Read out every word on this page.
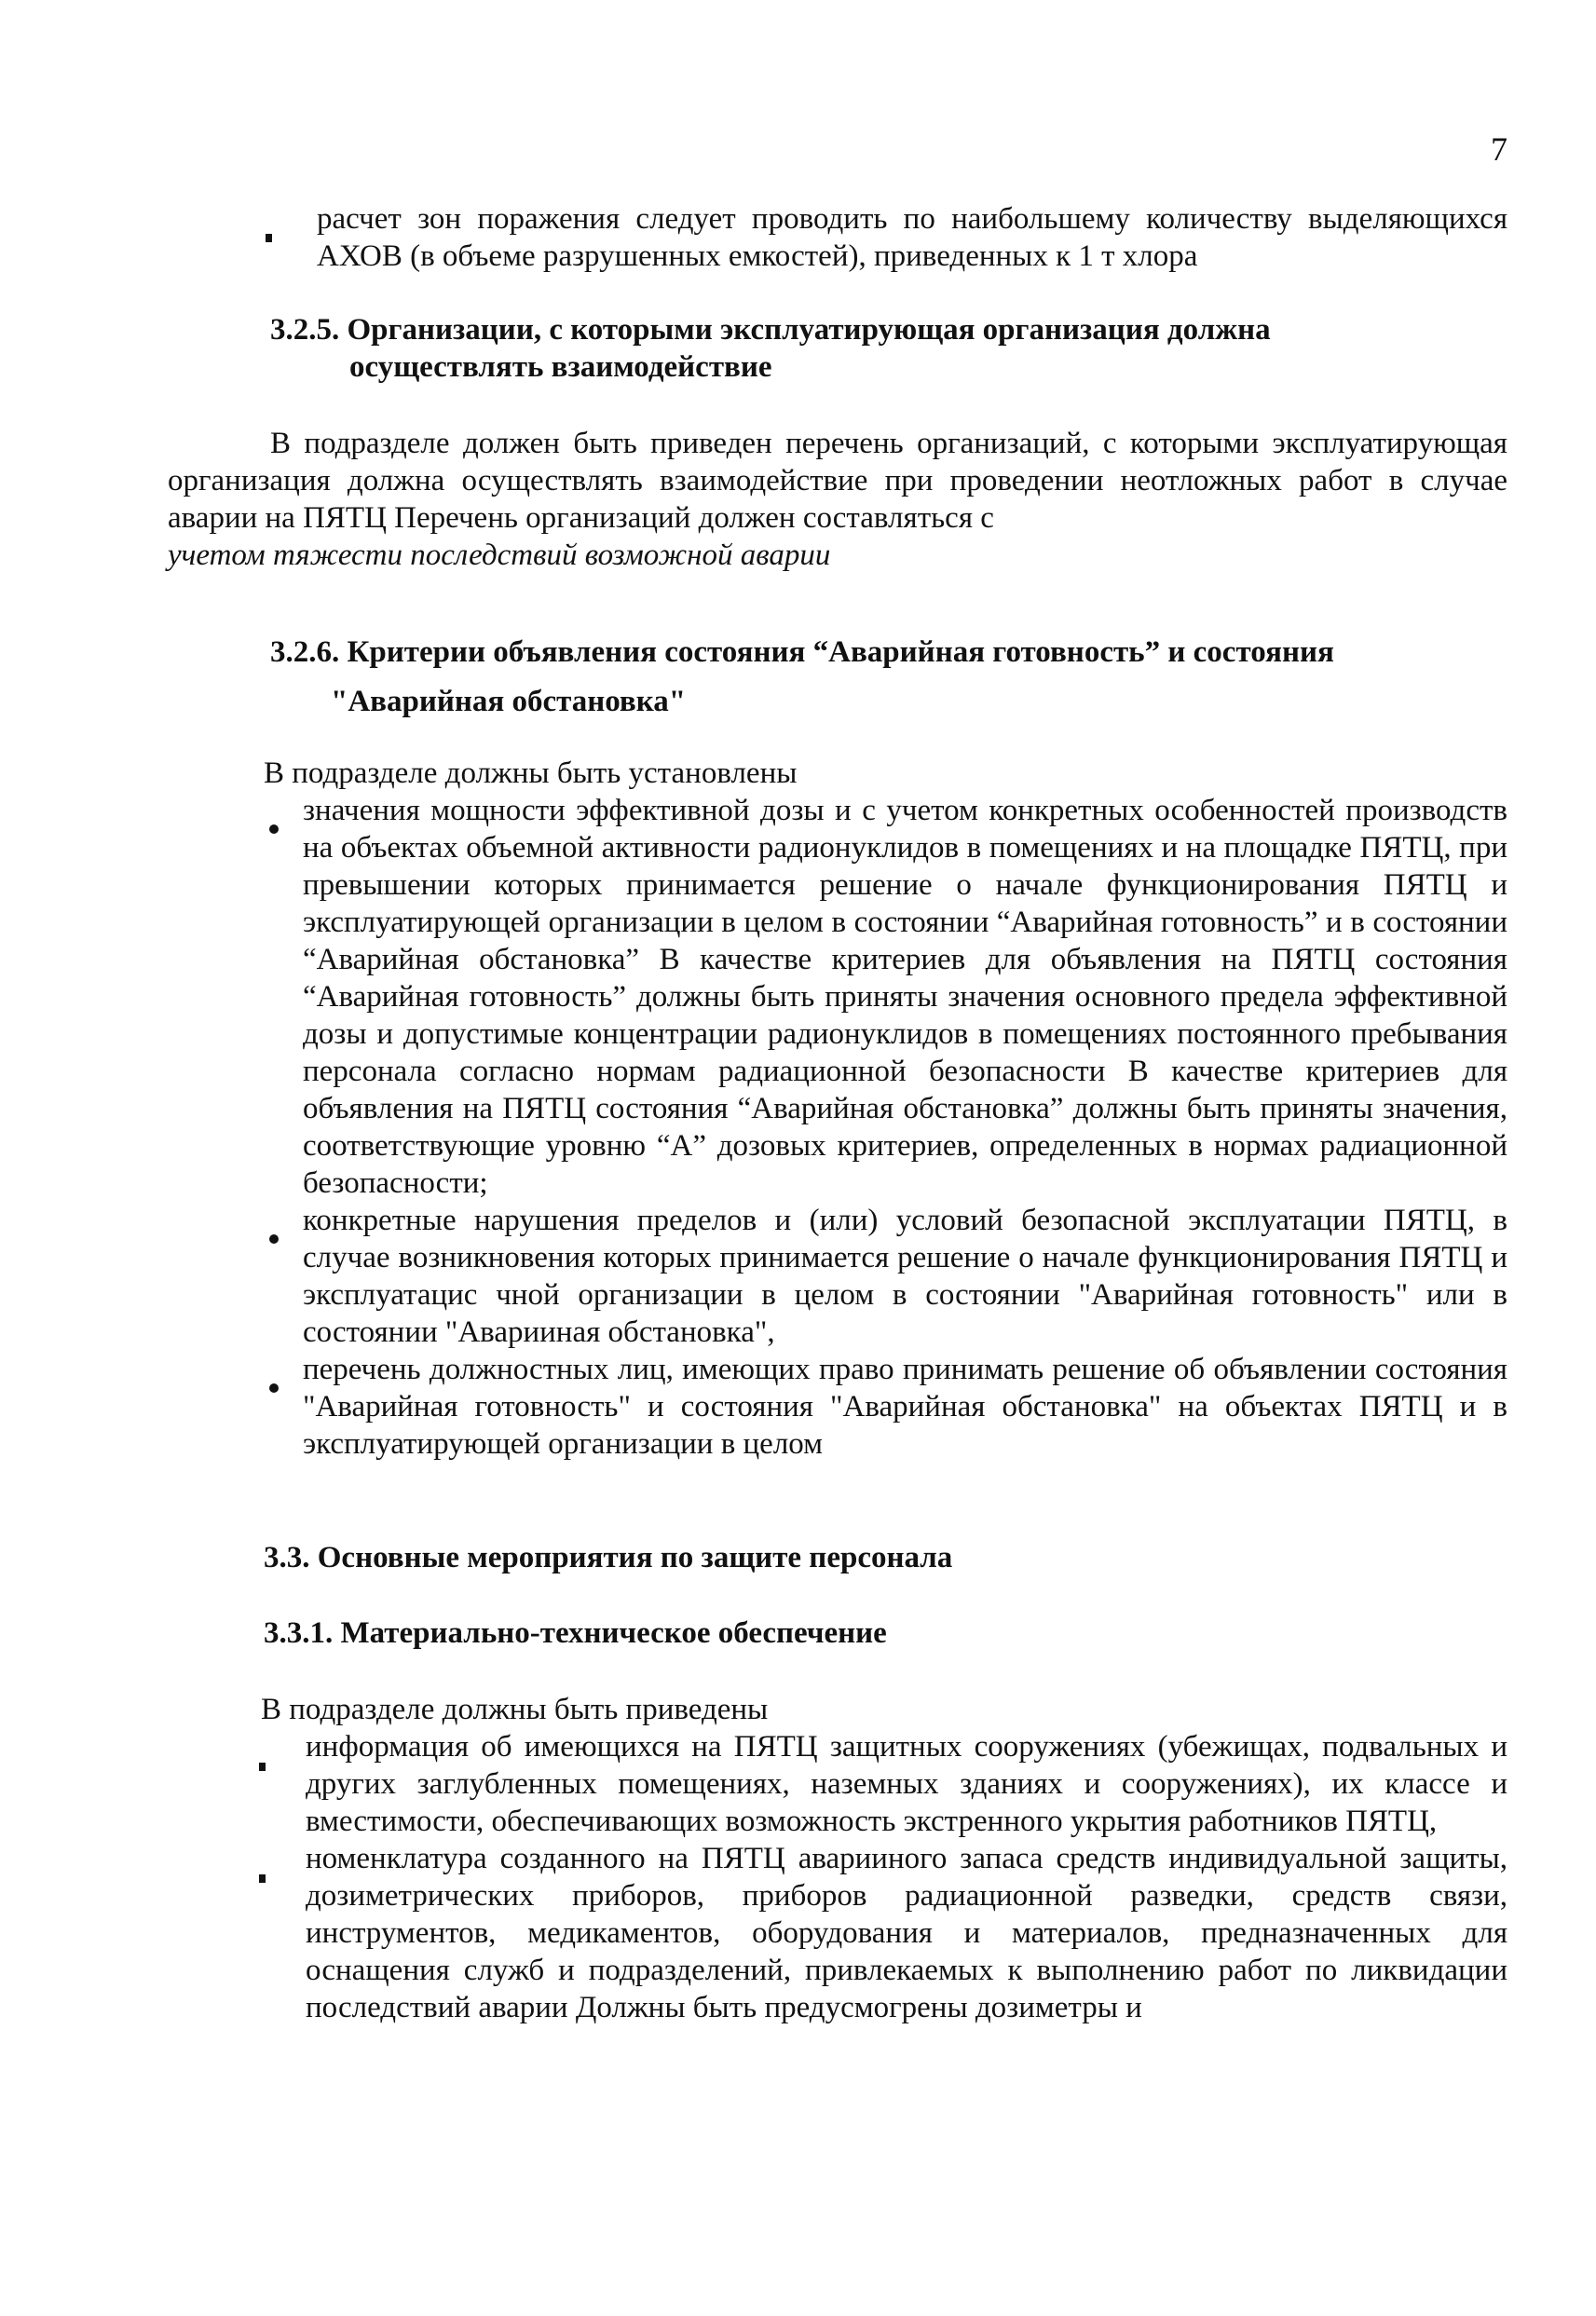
7
расчет зон поражения следует проводить по наибольшему количеству выделяющихся АХОВ (в объеме разрушенных емкостей), приведенных к 1 т хлора
3.2.5. Организации, с которыми эксплуатирующая организация должна
осуществлять взаимодействие

В подразделе должен быть приведен перечень организаций, с которыми эксплуатирующая организация должна осуществлять взаимодействие при проведении неотложных работ в случае аварии на ПЯТЦ Перечень организаций должен составляться с

учетом тяжести последствий возможной аварии

3.2.6. Критерии объявления состояния “Аварийная готовность” и состояния
"Аварийная обстановка"

В подразделе должны быть установлены

значения мощности эффективной дозы и с учетом конкретных особенностей производств на объектах объемной активности радионуклидов в помещениях и на площадке ПЯТЦ, при превышении которых принимается решение о начале функционирования ПЯТЦ и эксплуатирующей организации в целом в состоянии “Аварийная готовность” и в состоянии “Аварийная обстановка” В качестве критериев для объявления на ПЯТЦ состояния “Аварийная готовность” должны быть приняты значения основного предела эффективной дозы и допустимые концентрации радионуклидов в помещениях постоянного пребывания персонала согласно нормам радиационной безопасности В качестве критериев для объявления на ПЯТЦ состояния “Аварийная обстановка” должны быть приняты значения, соответствующие уровню “А” дозовых критериев, определенных в нормах радиационной безопасности;
конкретные нарушения пределов и (или) условий безопасной эксплуатации ПЯТЦ, в случае возникновения которых принимается решение о начале функционирования ПЯТЦ и эксплуатацис чной организации в целом в состоянии "Аварийная готовность" или в состоянии "Аварииная обстановка",
перечень должностных лиц, имеющих право принимать решение об объявлении состояния "Аварийная готовность" и состояния "Аварийная обстановка" на объектах ПЯТЦ и в эксплуатирующей организации в целом
3.3. Основные мероприятия по защите персонала
3.3.1. Материально-техническое обеспечение

В подразделе должны быть приведены

информация об имеющихся на ПЯТЦ защитных сооружениях (убежищах, подвальных и других заглубленных помещениях, наземных зданиях и сооружениях), их классе и вместимости, обеспечивающих возможность экстренного укрытия работников ПЯТЦ,
номенклатура созданного на ПЯТЦ аварииного запаса средств индивидуальной защиты, дозиметрических приборов, приборов радиационной разведки, средств связи, инструментов, медикаментов, оборудования и материалов, предназначенных для оснащения служб и подразделений, привлекаемых к выполнению работ по ликвидации последствий аварии Должны быть предусмогрены дозиметры и
